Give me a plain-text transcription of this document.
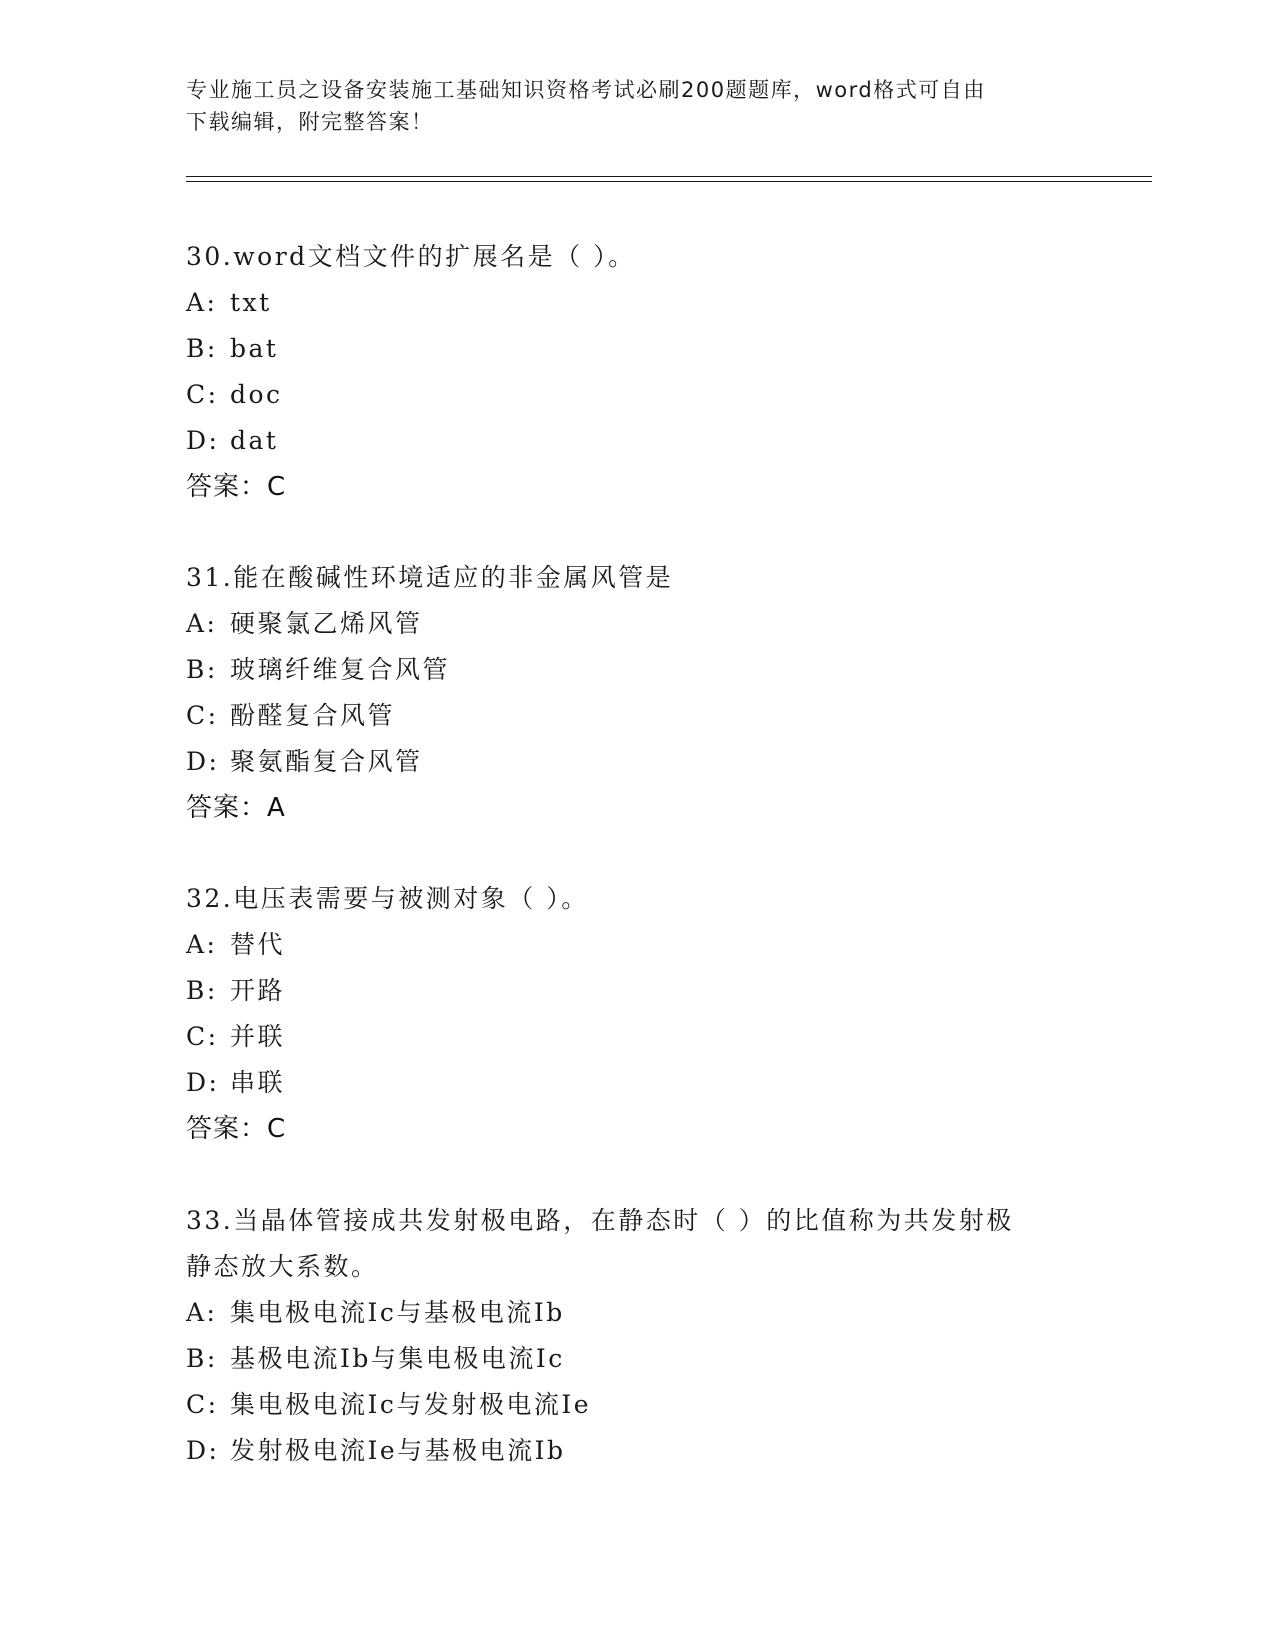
专业施工员之设备安装施工基础知识资格考试必刷200题题库，word格式可自由
下载编辑，附完整答案！

30.word文档文件的扩展名是（ ）。

A: txt

B: bat

C: doc

D: dat

答案：C

31.能在酸碱性环境适应的非金属风管是

A: 硬聚氯乙烯风管

B: 玻璃纤维复合风管

C: 酚醛复合风管

D: 聚氨酯复合风管

答案：A

32.电压表需要与被测对象（ ）。

A: 替代

B: 开路

C: 并联

D: 串联

答案：C

33.当晶体管接成共发射极电路，在静态时（ ）的比值称为共发射极

静态放大系数。

A: 集电极电流Ic与基极电流Ib

B: 基极电流Ib与集电极电流Ic

C: 集电极电流Ic与发射极电流Ie

D: 发射极电流Ie与基极电流Ib
